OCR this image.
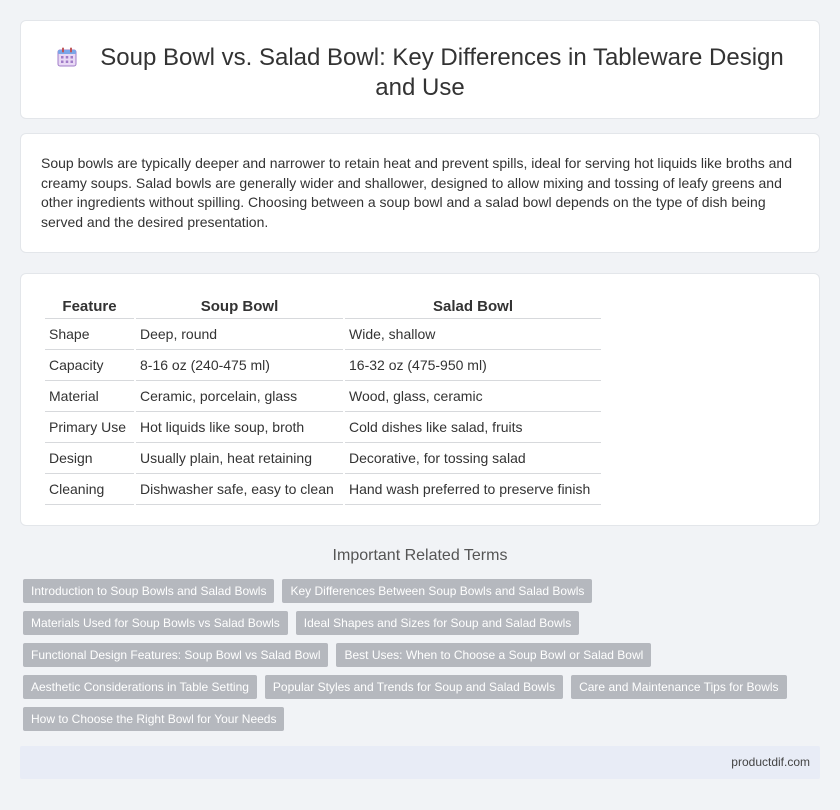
Soup Bowl vs. Salad Bowl: Key Differences in Tableware Design
and Use

Soup bowls are typically deeper and narrower to retain heat and prevent spills, ideal for serving hot liquids like broths and creamy soups. Salad bowls are generally wider and shallower, designed to allow mixing and tossing of leafy greens and other ingredients without spilling. Choosing between a soup bowl and a salad bowl depends on the type of dish being served and the desired presentation.

Feature	Soup Bowl	Salad Bowl
Shape	Deep, round	Wide, shallow
Capacity	8-16 oz (240-475 ml)	16-32 oz (475-950 ml)
Material	Ceramic, porcelain, glass	Wood, glass, ceramic
Primary Use	Hot liquids like soup, broth	Cold dishes like salad, fruits
Design	Usually plain, heat retaining	Decorative, for tossing salad
Cleaning	Dishwasher safe, easy to clean	Hand wash preferred to preserve finish
Important Related Terms
Introduction to Soup Bowls and Salad Bowls	Key Differences Between Soup Bowls and Salad Bowls
Materials Used for Soup Bowls vs Salad Bowls	Ideal Shapes and Sizes for Soup and Salad Bowls
Functional Design Features: Soup Bowl vs Salad Bowl	Best Uses: When to Choose a Soup Bowl or Salad Bowl
Aesthetic Considerations in Table Setting	Popular Styles and Trends for Soup and Salad Bowls	Care and Maintenance Tips for Bowls
How to Choose the Right Bowl for Your Needs
productdif.com
